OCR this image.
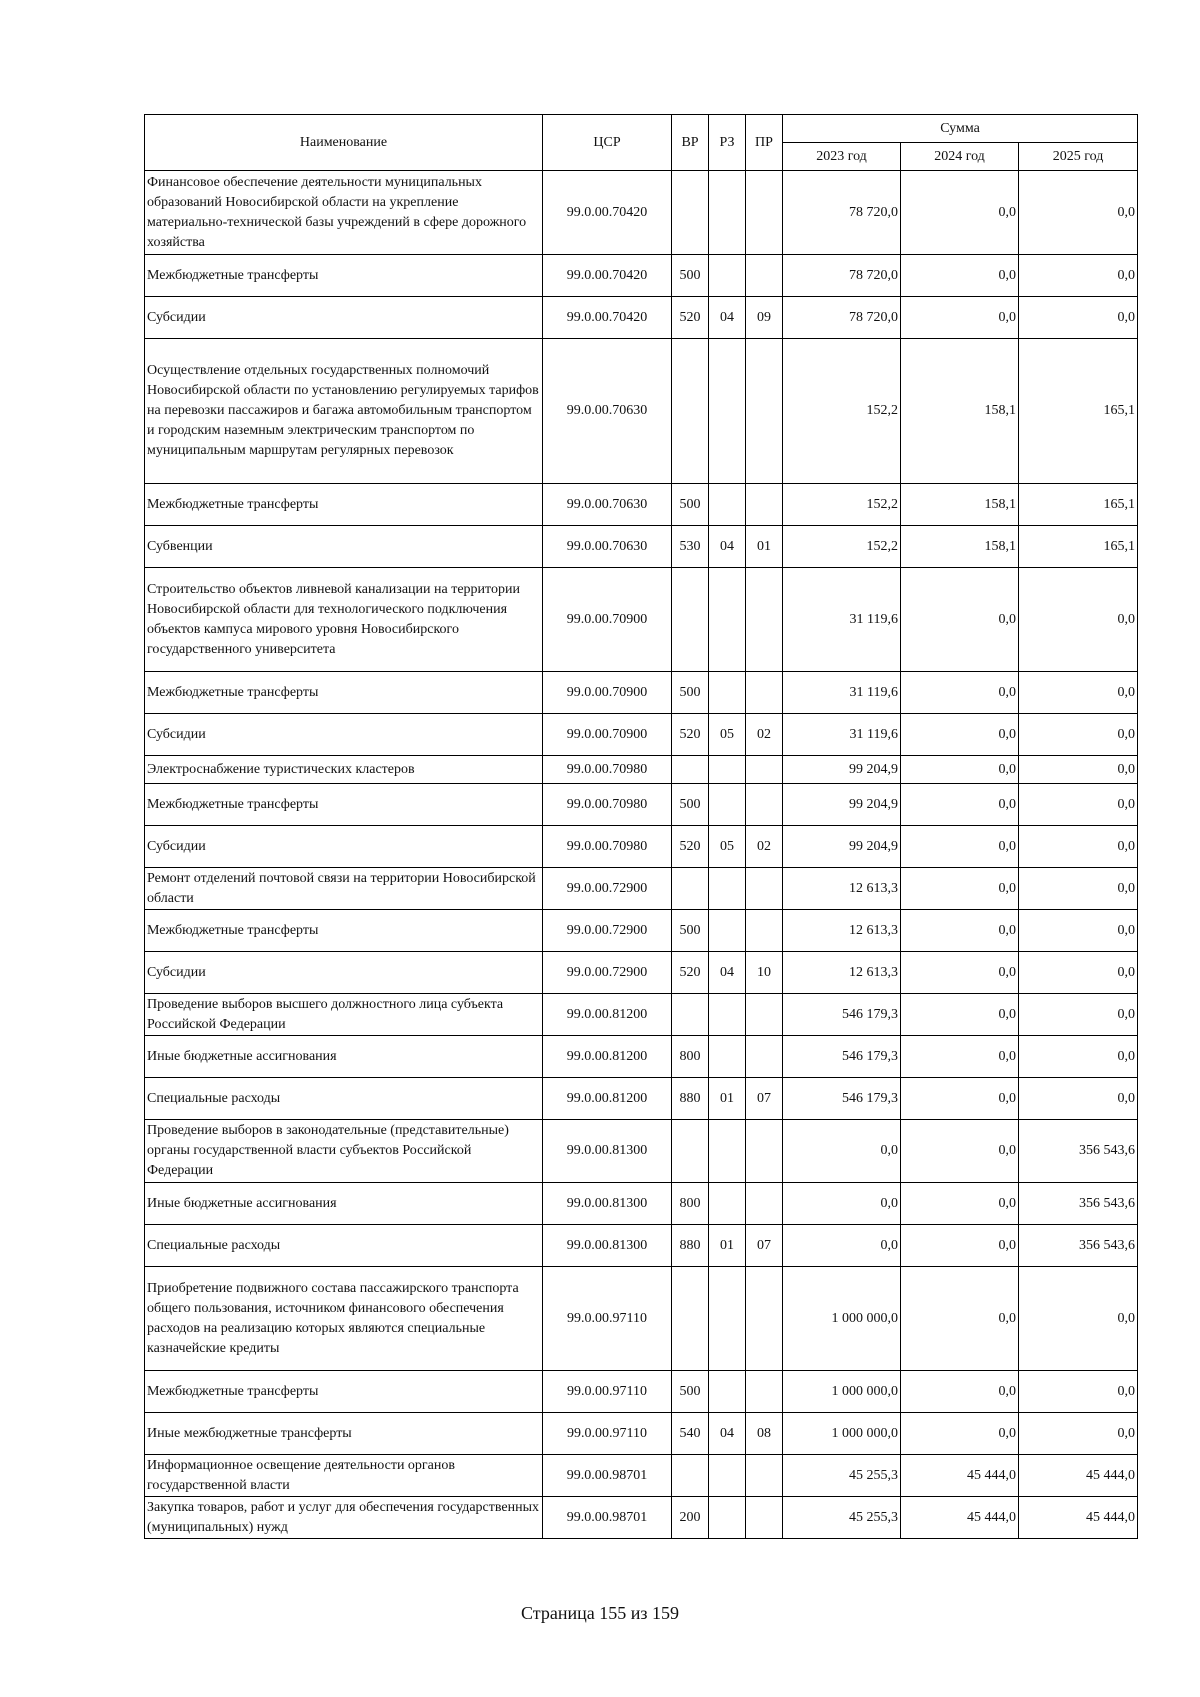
Наименование	ЦСР	ВР	РЗ	ПР	Сумма		
					2023 год	2024 год	2025 год
Финансовое обеспечение деятельности муниципальных образований Новосибирской области на укрепление материально-технической базы учреждений в сфере дорожного хозяйства	99.0.00.70420				78 720,0	0,0	0,0
Межбюджетные трансферты	99.0.00.70420	500			78 720,0	0,0	0,0
Субсидии	99.0.00.70420	520	04	09	78 720,0	0,0	0,0
Осуществление отдельных государственных полномочий Новосибирской области по установлению регулируемых тарифов на перевозки пассажиров и багажа автомобильным транспортом и городским наземным электрическим транспортом по муниципальным маршрутам регулярных перевозок	99.0.00.70630				152,2	158,1	165,1
Межбюджетные трансферты	99.0.00.70630	500			152,2	158,1	165,1
Субвенции	99.0.00.70630	530	04	01	152,2	158,1	165,1
Строительство объектов ливневой канализации на территории Новосибирской области для технологического подключения объектов кампуса мирового уровня Новосибирского государственного университета	99.0.00.70900				31 119,6	0,0	0,0
Межбюджетные трансферты	99.0.00.70900	500			31 119,6	0,0	0,0
Субсидии	99.0.00.70900	520	05	02	31 119,6	0,0	0,0
Электроснабжение туристических кластеров	99.0.00.70980				99 204,9	0,0	0,0
Межбюджетные трансферты	99.0.00.70980	500			99 204,9	0,0	0,0
Субсидии	99.0.00.70980	520	05	02	99 204,9	0,0	0,0
Ремонт отделений почтовой связи на территории Новосибирской области	99.0.00.72900				12 613,3	0,0	0,0
Межбюджетные трансферты	99.0.00.72900	500			12 613,3	0,0	0,0
Субсидии	99.0.00.72900	520	04	10	12 613,3	0,0	0,0
Проведение выборов высшего должностного лица субъекта Российской Федерации	99.0.00.81200				546 179,3	0,0	0,0
Иные бюджетные ассигнования	99.0.00.81200	800			546 179,3	0,0	0,0
Специальные расходы	99.0.00.81200	880	01	07	546 179,3	0,0	0,0
Проведение выборов в законодательные (представительные) органы государственной власти субъектов Российской Федерации	99.0.00.81300				0,0	0,0	356 543,6
Иные бюджетные ассигнования	99.0.00.81300	800			0,0	0,0	356 543,6
Специальные расходы	99.0.00.81300	880	01	07	0,0	0,0	356 543,6
Приобретение подвижного состава пассажирского транспорта общего пользования, источником финансового обеспечения расходов на реализацию которых являются специальные казначейские кредиты	99.0.00.97110				1 000 000,0	0,0	0,0
Межбюджетные трансферты	99.0.00.97110	500			1 000 000,0	0,0	0,0
Иные межбюджетные трансферты	99.0.00.97110	540	04	08	1 000 000,0	0,0	0,0
Информационное освещение деятельности органов государственной власти	99.0.00.98701				45 255,3	45 444,0	45 444,0
Закупка товаров, работ и услуг для обеспечения государственных (муниципальных) нужд	99.0.00.98701	200			45 255,3	45 444,0	45 444,0
Страница 155 из 159
